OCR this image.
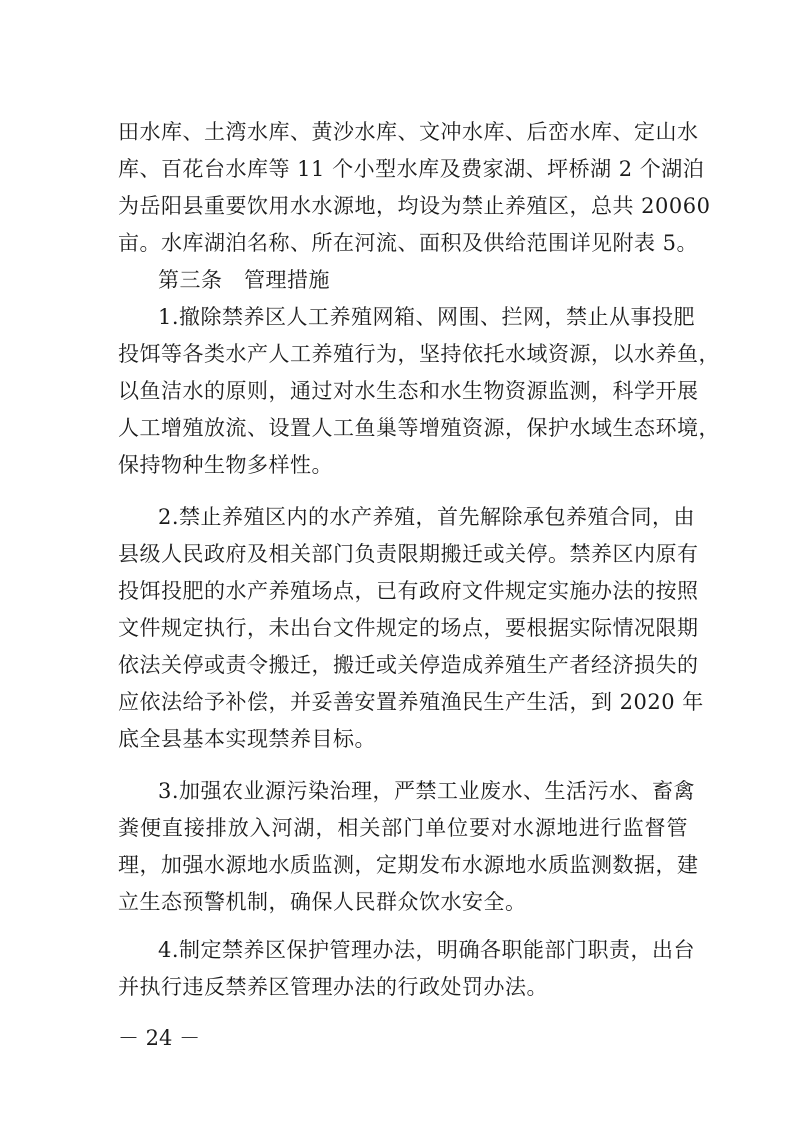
田水库、土湾水库、黄沙水库、文冲水库、后峦水库、定山水
库、百花台水库等 11 个小型水库及费家湖、坪桥湖 2 个湖泊
为岳阳县重要饮用水水源地，均设为禁止养殖区，总共 20060
亩。水库湖泊名称、所在河流、面积及供给范围详见附表 5。
第三条　管理措施
1.撤除禁养区人工养殖网箱、网围、拦网，禁止从事投肥
投饵等各类水产人工养殖行为，坚持依托水域资源，以水养鱼，
以鱼洁水的原则，通过对水生态和水生物资源监测，科学开展
人工增殖放流、设置人工鱼巢等增殖资源，保护水域生态环境，
保持物种生物多样性。
2.禁止养殖区内的水产养殖，首先解除承包养殖合同，由
县级人民政府及相关部门负责限期搬迁或关停。禁养区内原有
投饵投肥的水产养殖场点，已有政府文件规定实施办法的按照
文件规定执行，未出台文件规定的场点，要根据实际情况限期
依法关停或责令搬迁，搬迁或关停造成养殖生产者经济损失的
应依法给予补偿，并妥善安置养殖渔民生产生活，到 2020 年
底全县基本实现禁养目标。
3.加强农业源污染治理，严禁工业废水、生活污水、畜禽
粪便直接排放入河湖，相关部门单位要对水源地进行监督管
理，加强水源地水质监测，定期发布水源地水质监测数据，建
立生态预警机制，确保人民群众饮水安全。
4.制定禁养区保护管理办法，明确各职能部门职责，出台
并执行违反禁养区管理办法的行政处罚办法。
－ 24 －
